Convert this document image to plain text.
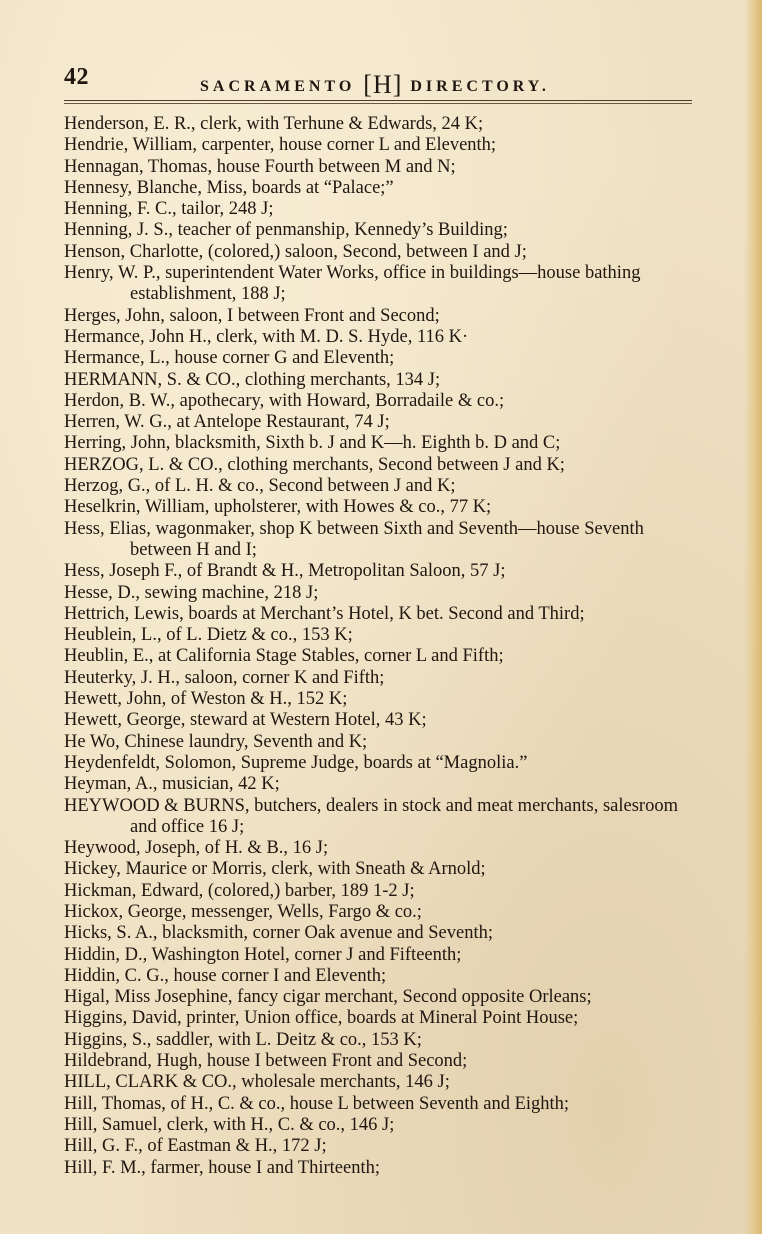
42	SACRAMENTO [H] DIRECTORY.

Henderson, E. R., clerk, with Terhune & Edwards, 24 K;

Hendrie, William, carpenter, house corner L and Eleventh;

Hennagan, Thomas, house Fourth between M and N;

Hennesy, Blanche, Miss, boards at “Palace;”

Henning, F. C., tailor, 248 J;

Henning, J. S., teacher of penmanship, Kennedy’s Building;

Henson, Charlotte, (colored,) saloon, Second, between I and J;

Henry, W. P., superintendent Water Works, office in buildings—house bathing establishment, 188 J;

Herges, John, saloon, I between Front and Second;

Hermance, John H., clerk, with M. D. S. Hyde, 116 K·

Hermance, L., house corner G and Eleventh;

HERMANN, S. & CO., clothing merchants, 134 J;

Herdon, B. W., apothecary, with Howard, Borradaile & co.;

Herren, W. G., at Antelope Restaurant, 74 J;

Herring, John, blacksmith, Sixth b. J and K—h. Eighth b. D and C;

HERZOG, L. & CO., clothing merchants, Second between J and K;

Herzog, G., of L. H. & co., Second between J and K;

Heselkrin, William, upholsterer, with Howes & co., 77 K;

Hess, Elias, wagonmaker, shop K between Sixth and Seventh—house Seventh between H and I;

Hess, Joseph F., of Brandt & H., Metropolitan Saloon, 57 J;

Hesse, D., sewing machine, 218 J;

Hettrich, Lewis, boards at Merchant’s Hotel, K bet. Second and Third;

Heublein, L., of L. Dietz & co., 153 K;

Heublin, E., at California Stage Stables, corner L and Fifth;

Heuterky, J. H., saloon, corner K and Fifth;

Hewett, John, of Weston & H., 152 K;

Hewett, George, steward at Western Hotel, 43 K;

He Wo, Chinese laundry, Seventh and K;

Heydenfeldt, Solomon, Supreme Judge, boards at “Magnolia.”

Heyman, A., musician, 42 K;

HEYWOOD & BURNS, butchers, dealers in stock and meat merchants, salesroom and office 16 J;

Heywood, Joseph, of H. & B., 16 J;

Hickey, Maurice or Morris, clerk, with Sneath & Arnold;

Hickman, Edward, (colored,) barber, 189 1-2 J;

Hickox, George, messenger, Wells, Fargo & co.;

Hicks, S. A., blacksmith, corner Oak avenue and Seventh;

Hiddin, D., Washington Hotel, corner J and Fifteenth;

Hiddin, C. G., house corner I and Eleventh;

Higal, Miss Josephine, fancy cigar merchant, Second opposite Orleans;

Higgins, David, printer, Union office, boards at Mineral Point House;

Higgins, S., saddler, with L. Deitz & co., 153 K;

Hildebrand, Hugh, house I between Front and Second;

HILL, CLARK & CO., wholesale merchants, 146 J;

Hill, Thomas, of H., C. & co., house L between Seventh and Eighth;

Hill, Samuel, clerk, with H., C. & co., 146 J;

Hill, G. F., of Eastman & H., 172 J;

Hill, F. M., farmer, house I and Thirteenth;
